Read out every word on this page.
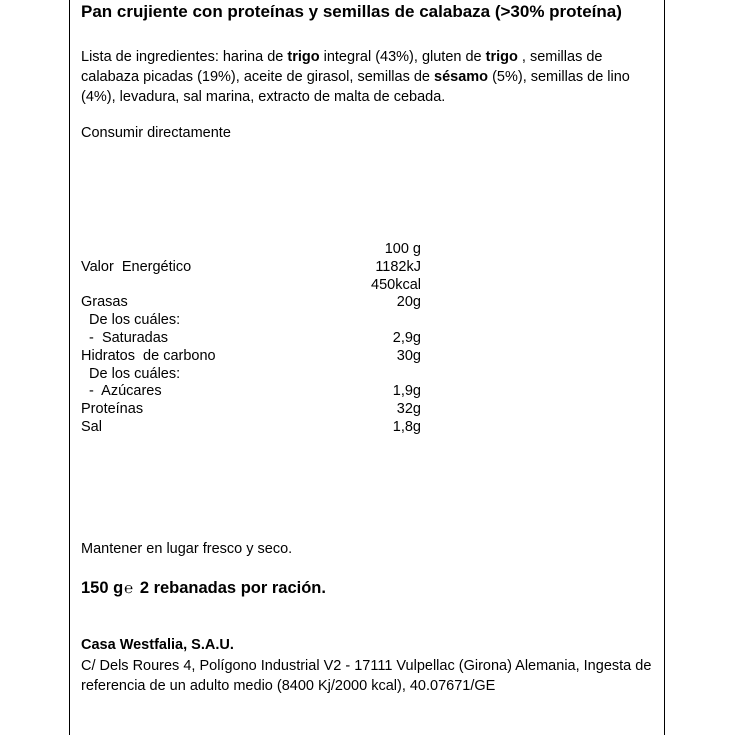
Pan crujiente con proteínas y semillas de calabaza (>30% proteína)
Lista de ingredientes: harina de trigo integral (43%), gluten de trigo , semillas de calabaza picadas (19%), aceite de girasol, semillas de sésamo (5%), semillas de lino (4%), levadura, sal marina, extracto de malta de cebada.
Consumir directamente
100 g
Valor  Energético	1182kJ
450kcal
Grasas	20g
De los cuáles:
-  Saturadas	2,9g
Hidratos  de carbono	30g
De los cuáles:
-  Azúcares	1,9g
Proteínas	32g
Sal	1,8g
Mantener en lugar fresco y seco.
150 g℮ 2 rebanadas por ración.
Casa Westfalia, S.A.U.
C/ Dels Roures 4, Polígono Industrial V2 - 17111 Vulpellac (Girona) Alemania, Ingesta de referencia de un adulto medio (8400 Kj/2000 kcal), 40.07671/GE
